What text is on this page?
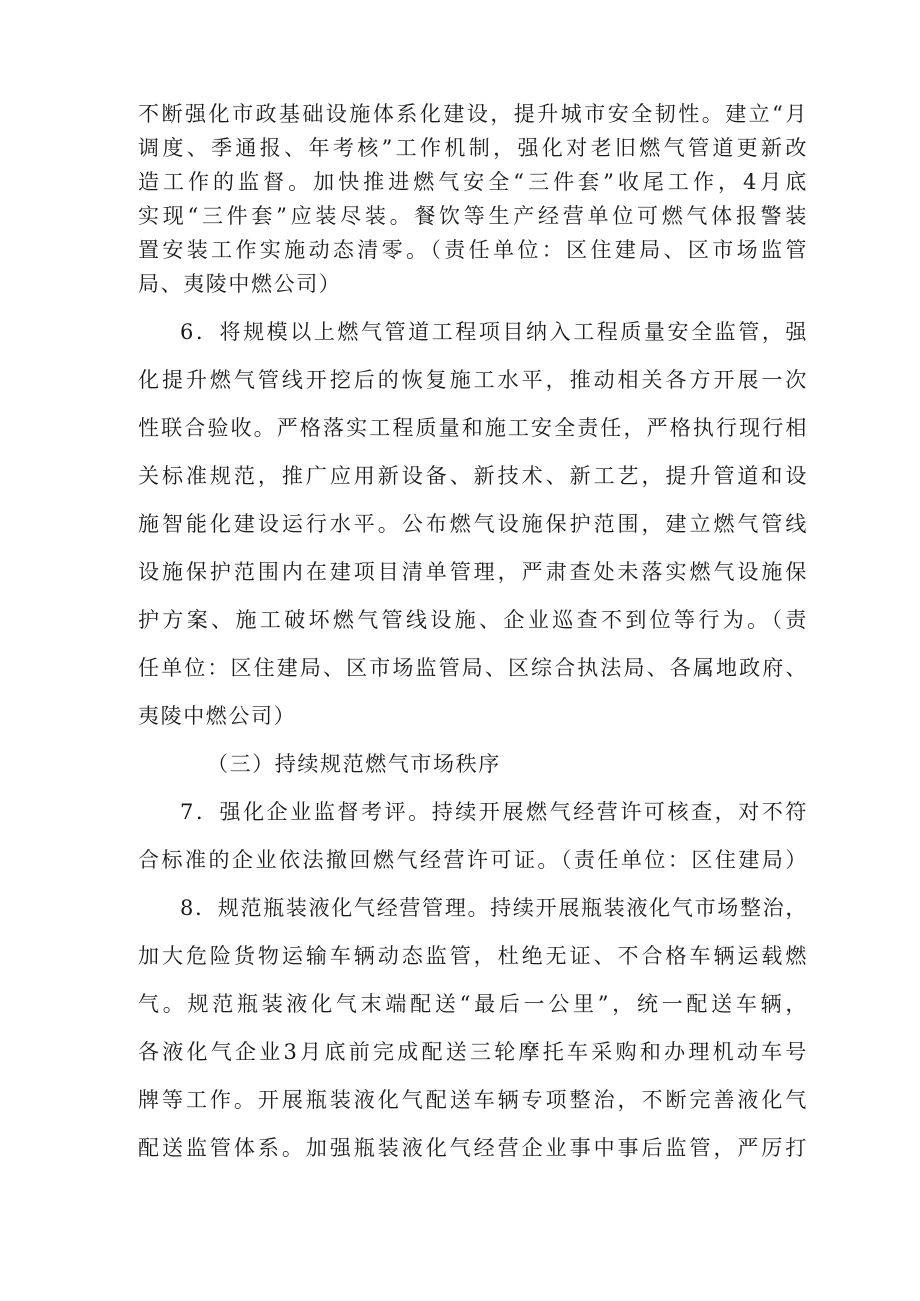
不断强化市政基础设施体系化建设，提升城市安全韧性。建立“月
调度、季通报、年考核”工作机制，强化对老旧燃气管道更新改
造工作的监督。加快推进燃气安全“三件套”收尾工作，4月底
实现“三件套”应装尽装。餐饮等生产经营单位可燃气体报警装
置安装工作实施动态清零。（责任单位：区住建局、区市场监管
局、夷陵中燃公司）
6．将规模以上燃气管道工程项目纳入工程质量安全监管，强
化提升燃气管线开挖后的恢复施工水平，推动相关各方开展一次
性联合验收。严格落实工程质量和施工安全责任，严格执行现行相
关标准规范，推广应用新设备、新技术、新工艺，提升管道和设
施智能化建设运行水平。公布燃气设施保护范围，建立燃气管线
设施保护范围内在建项目清单管理，严肃查处未落实燃气设施保
护方案、施工破坏燃气管线设施、企业巡查不到位等行为。（责
任单位：区住建局、区市场监管局、区综合执法局、各属地政府、
夷陵中燃公司）
（三）持续规范燃气市场秩序
7．强化企业监督考评。持续开展燃气经营许可核查，对不符
合标准的企业依法撤回燃气经营许可证。（责任单位：区住建局）
8．规范瓶装液化气经营管理。持续开展瓶装液化气市场整治，
加大危险货物运输车辆动态监管，杜绝无证、不合格车辆运载燃
气。规范瓶装液化气末端配送“最后一公里”，统一配送车辆，
各液化气企业3月底前完成配送三轮摩托车采购和办理机动车号
牌等工作。开展瓶装液化气配送车辆专项整治，不断完善液化气
配送监管体系。加强瓶装液化气经营企业事中事后监管，严厉打
